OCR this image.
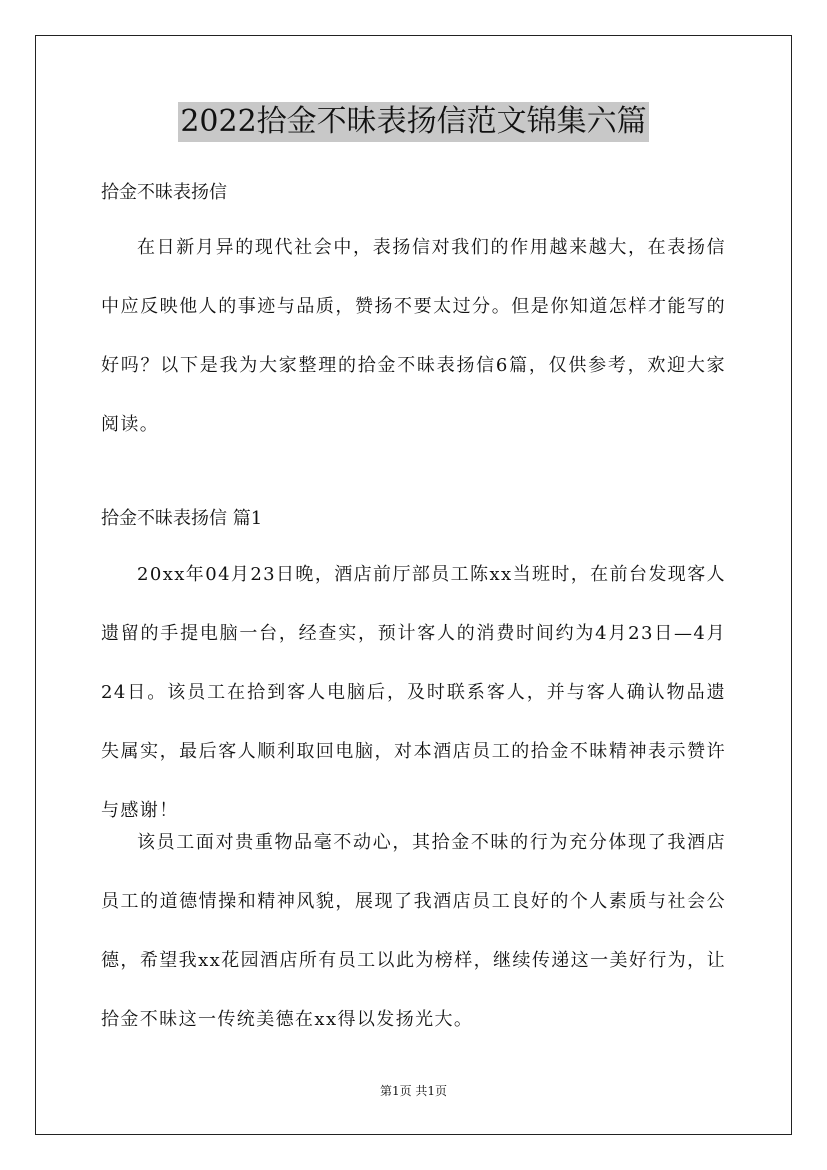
2022拾金不昧表扬信范文锦集六篇
拾金不昧表扬信

在日新月异的现代社会中，表扬信对我们的作用越来越大，在表扬信中应反映他人的事迹与品质，赞扬不要太过分。但是你知道怎样才能写的好吗？以下是我为大家整理的拾金不昧表扬信6篇，仅供参考，欢迎大家阅读。

拾金不昧表扬信 篇1

20xx年04月23日晚，酒店前厅部员工陈xx当班时，在前台发现客人遗留的手提电脑一台，经查实，预计客人的消费时间约为4月23日—4月24日。该员工在拾到客人电脑后，及时联系客人，并与客人确认物品遗失属实，最后客人顺利取回电脑，对本酒店员工的拾金不昧精神表示赞许与感谢！

该员工面对贵重物品毫不动心，其拾金不昧的行为充分体现了我酒店员工的道德情操和精神风貌，展现了我酒店员工良好的个人素质与社会公德，希望我xx花园酒店所有员工以此为榜样，继续传递这一美好行为，让拾金不昧这一传统美德在xx得以发扬光大。

第1页 共1页
